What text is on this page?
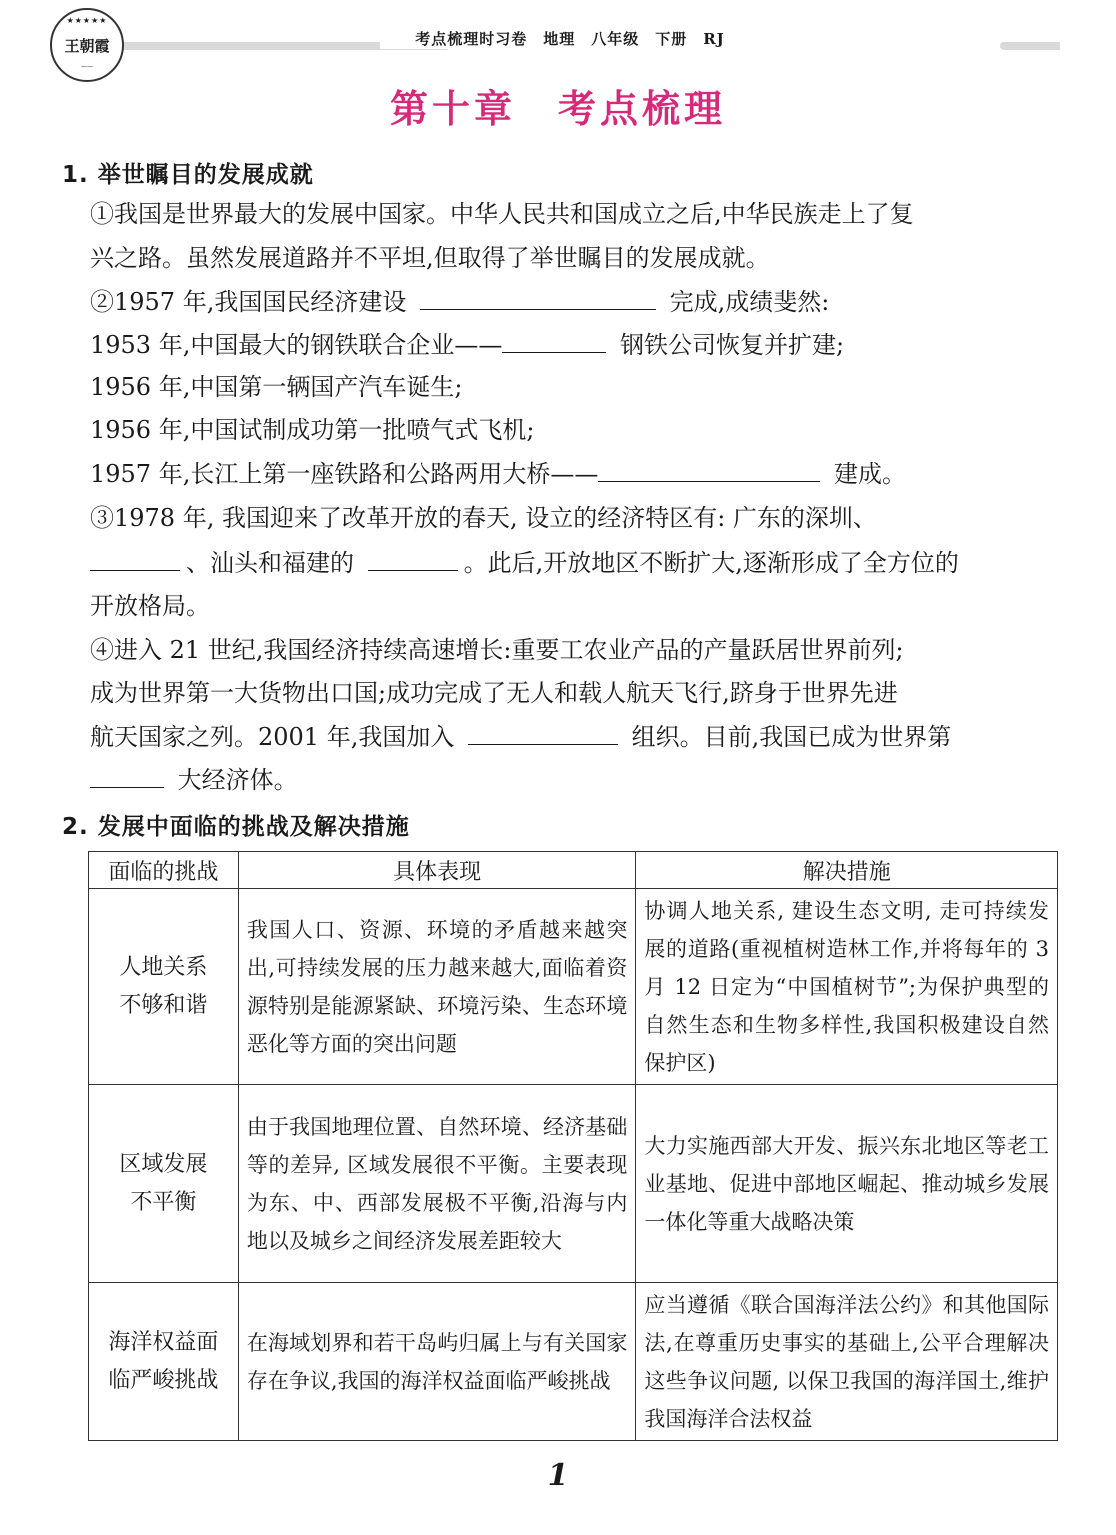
★★★★★
王朝霞
——
考点梳理时习卷　地理　八年级　下册　RJ
第十章　考点梳理
1. 举世瞩目的发展成就
①我国是世界最大的发展中国家。中华人民共和国成立之后,中华民族走上了复
兴之路。虽然发展道路并不平坦,但取得了举世瞩目的发展成就。
②1957 年,我国国民经济建设	完成,成绩斐然:
1953 年,中国最大的钢铁联合企业——	钢铁公司恢复并扩建;
1956 年,中国第一辆国产汽车诞生;
1956 年,中国试制成功第一批喷气式飞机;
1957 年,长江上第一座铁路和公路两用大桥——	建成。
③1978 年, 我国迎来了改革开放的春天, 设立的经济特区有: 广东的深圳、
、汕头和福建的	。此后,开放地区不断扩大,逐渐形成了全方位的
开放格局。
④进入 21 世纪,我国经济持续高速增长:重要工农业产品的产量跃居世界前列;
成为世界第一大货物出口国;成功完成了无人和载人航天飞行,跻身于世界先进
航天国家之列。2001 年,我国加入	组织。目前,我国已成为世界第
大经济体。
2. 发展中面临的挑战及解决措施
面临的挑战	具体表现	解决措施

人地关系
不够和谐	我国人口、资源、环境的矛盾越来越突出,可持续发展的压力越来越大,面临着资源特别是能源紧缺、环境污染、生态环境恶化等方面的突出问题	协调人地关系, 建设生态文明, 走可持续发展的道路(重视植树造林工作,并将每年的 3 月 12 日定为“中国植树节”;为保护典型的自然生态和生物多样性,我国积极建设自然保护区)

区域发展
不平衡	由于我国地理位置、自然环境、经济基础等的差异, 区域发展很不平衡。主要表现为东、中、西部发展极不平衡,沿海与内地以及城乡之间经济发展差距较大	大力实施西部大开发、振兴东北地区等老工业基地、促进中部地区崛起、推动城乡发展一体化等重大战略决策

海洋权益面
临严峻挑战	在海域划界和若干岛屿归属上与有关国家存在争议,我国的海洋权益面临严峻挑战	应当遵循《联合国海洋法公约》和其他国际法,在尊重历史事实的基础上,公平合理解决这些争议问题, 以保卫我国的海洋国土,维护我国海洋合法权益
1
